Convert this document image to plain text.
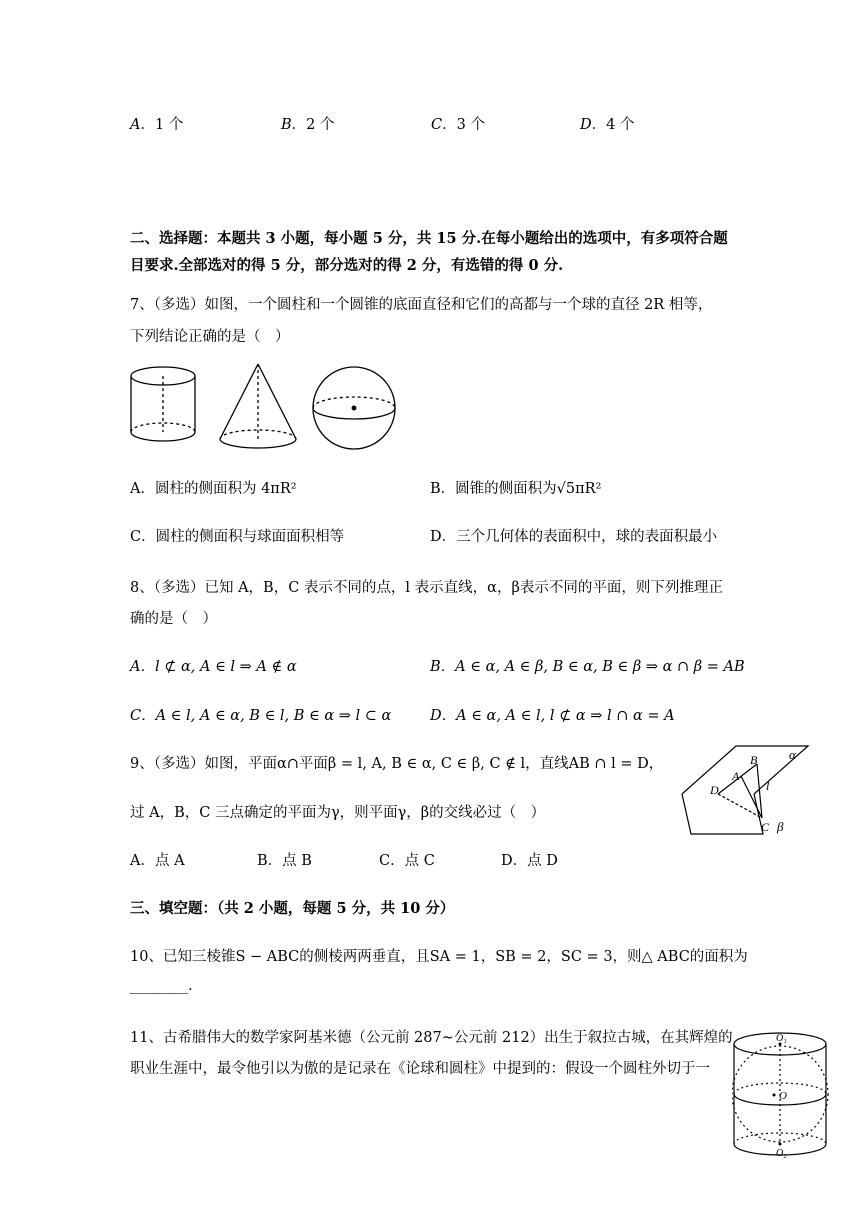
A．1 个	B．2 个	C．3 个	D．4 个
二、选择题：本题共 3 小题，每小题 5 分，共 15 分.在每小题给出的选项中，有多项符合题
目要求.全部选对的得 5 分，部分选对的得 2 分，有选错的得 0 分.
7、（多选）如图，一个圆柱和一个圆锥的底面直径和它们的高都与一个球的直径 2R 相等，
下列结论正确的是（　）
A．圆柱的侧面积为 4πR²	B．圆锥的侧面积为√5πR²
C．圆柱的侧面积与球面面积相等	D．三个几何体的表面积中，球的表面积最小
8、（多选）已知 A，B，C 表示不同的点，l 表示直线，α，β表示不同的平面，则下列推理正
确的是（　）
A．l ⊄ α, A ∈ l ⇒ A ∉ α	B．A ∈ α, A ∈ β, B ∈ α, B ∈ β ⇒ α ∩ β = AB
C．A ∈ l, A ∈ α, B ∈ l, B ∈ α ⇒ l ⊂ α	D．A ∈ α, A ∈ l, l ⊄ α ⇒ l ∩ α = A
9、（多选）如图，平面α∩平面β = l, A, B ∈ α, C ∈ β, C ∉ l，直线AB ∩ l = D，
过 A，B，C 三点确定的平面为γ，则平面γ，β的交线必过（　）
α
B
A
D	l
C β
A．点 A	B．点 B	C．点 C	D．点 D
三、填空题：（共 2 小题，每题 5 分，共 10 分）
10、已知三棱锥S − ABC的侧棱两两垂直，且SA = 1，SB = 2，SC = 3，则△ ABC的面积为
________.
11、古希腊伟大的数学家阿基米德（公元前 287~公元前 212）出生于叙拉古城，在其辉煌的
职业生涯中，最令他引以为傲的是记录在《论球和圆柱》中提到的：假设一个圆柱外切于一
O₁
O
O₂
